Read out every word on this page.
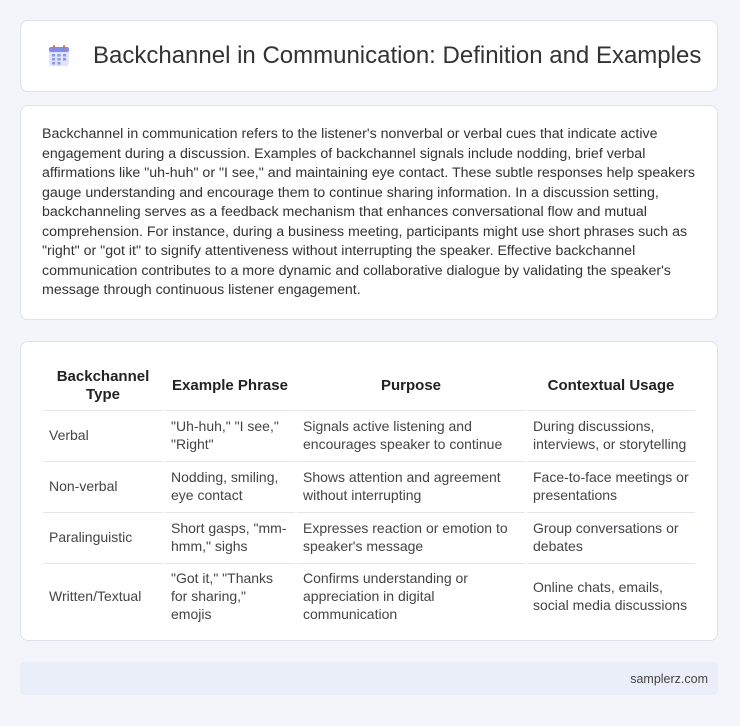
Backchannel in Communication: Definition and Examples

Backchannel in communication refers to the listener's nonverbal or verbal cues that indicate active engagement during a discussion. Examples of backchannel signals include nodding, brief verbal affirmations like "uh-huh" or "I see," and maintaining eye contact. These subtle responses help speakers gauge understanding and encourage them to continue sharing information. In a discussion setting, backchanneling serves as a feedback mechanism that enhances conversational flow and mutual comprehension. For instance, during a business meeting, participants might use short phrases such as "right" or "got it" to signify attentiveness without interrupting the speaker. Effective backchannel communication contributes to a more dynamic and collaborative dialogue by validating the speaker's message through continuous listener engagement.

Backchannel Type	Example Phrase	Purpose	Contextual Usage
Verbal	"Uh-huh," "I see," "Right"	Signals active listening and encourages speaker to continue	During discussions, interviews, or storytelling
Non-verbal	Nodding, smiling, eye contact	Shows attention and agreement without interrupting	Face-to-face meetings or presentations
Paralinguistic	Short gasps, "mm-hmm," sighs	Expresses reaction or emotion to speaker's message	Group conversations or debates
Written/Textual	"Got it," "Thanks for sharing," emojis	Confirms understanding or appreciation in digital communication	Online chats, emails, social media discussions
samplerz.com
